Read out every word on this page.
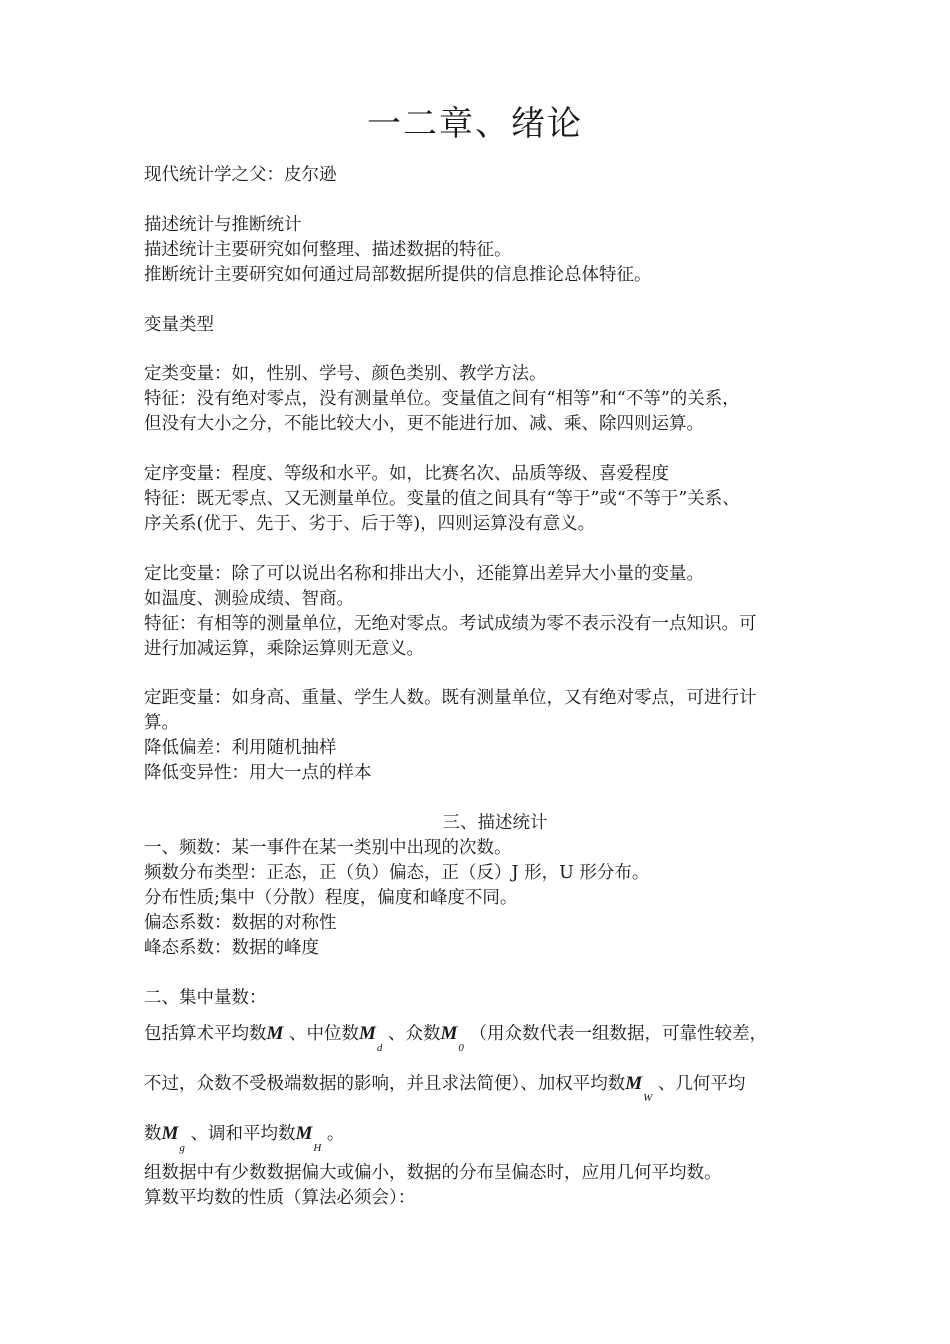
一二章、绪论
现代统计学之父：皮尔逊
描述统计与推断统计
描述统计主要研究如何整理、描述数据的特征。
推断统计主要研究如何通过局部数据所提供的信息推论总体特征。
变量类型
定类变量：如，性别、学号、颜色类别、教学方法。
特征：没有绝对零点，没有测量单位。变量值之间有“相等”和“不等”的关系，
但没有大小之分，不能比较大小，更不能进行加、减、乘、除四则运算。
定序变量：程度、等级和水平。如，比赛名次、品质等级、喜爱程度
特征：既无零点、又无测量单位。变量的值之间具有“等于”或“不等于”关系、
序关系(优于、先于、劣于、后于等)，四则运算没有意义。
定比变量：除了可以说出名称和排出大小，还能算出差异大小量的变量。
如温度、测验成绩、智商。
特征：有相等的测量单位，无绝对零点。考试成绩为零不表示没有一点知识。可
进行加减运算，乘除运算则无意义。
定距变量：如身高、重量、学生人数。既有测量单位，又有绝对零点，可进行计
算。
降低偏差：利用随机抽样
降低变异性：用大一点的样本
三、描述统计
一、频数：某一事件在某一类别中出现的次数。
频数分布类型：正态，正（负）偏态，正（反）J 形，U 形分布。
分布性质;集中（分散）程度，偏度和峰度不同。
偏态系数：数据的对称性
峰态系数：数据的峰度
二、集中量数：
包括算术平均数M 、中位数$M_d$ 、众数$M_0$ （用众数代表一组数据，可靠性较差，
不过，众数不受极端数据的影响，并且求法简便）、加权平均数$M_W$ 、几何平均
数$M_g$ 、调和平均数$M_H$ 。
组数据中有少数数据偏大或偏小，数据的分布呈偏态时，应用几何平均数。
算数平均数的性质（算法必须会）：
